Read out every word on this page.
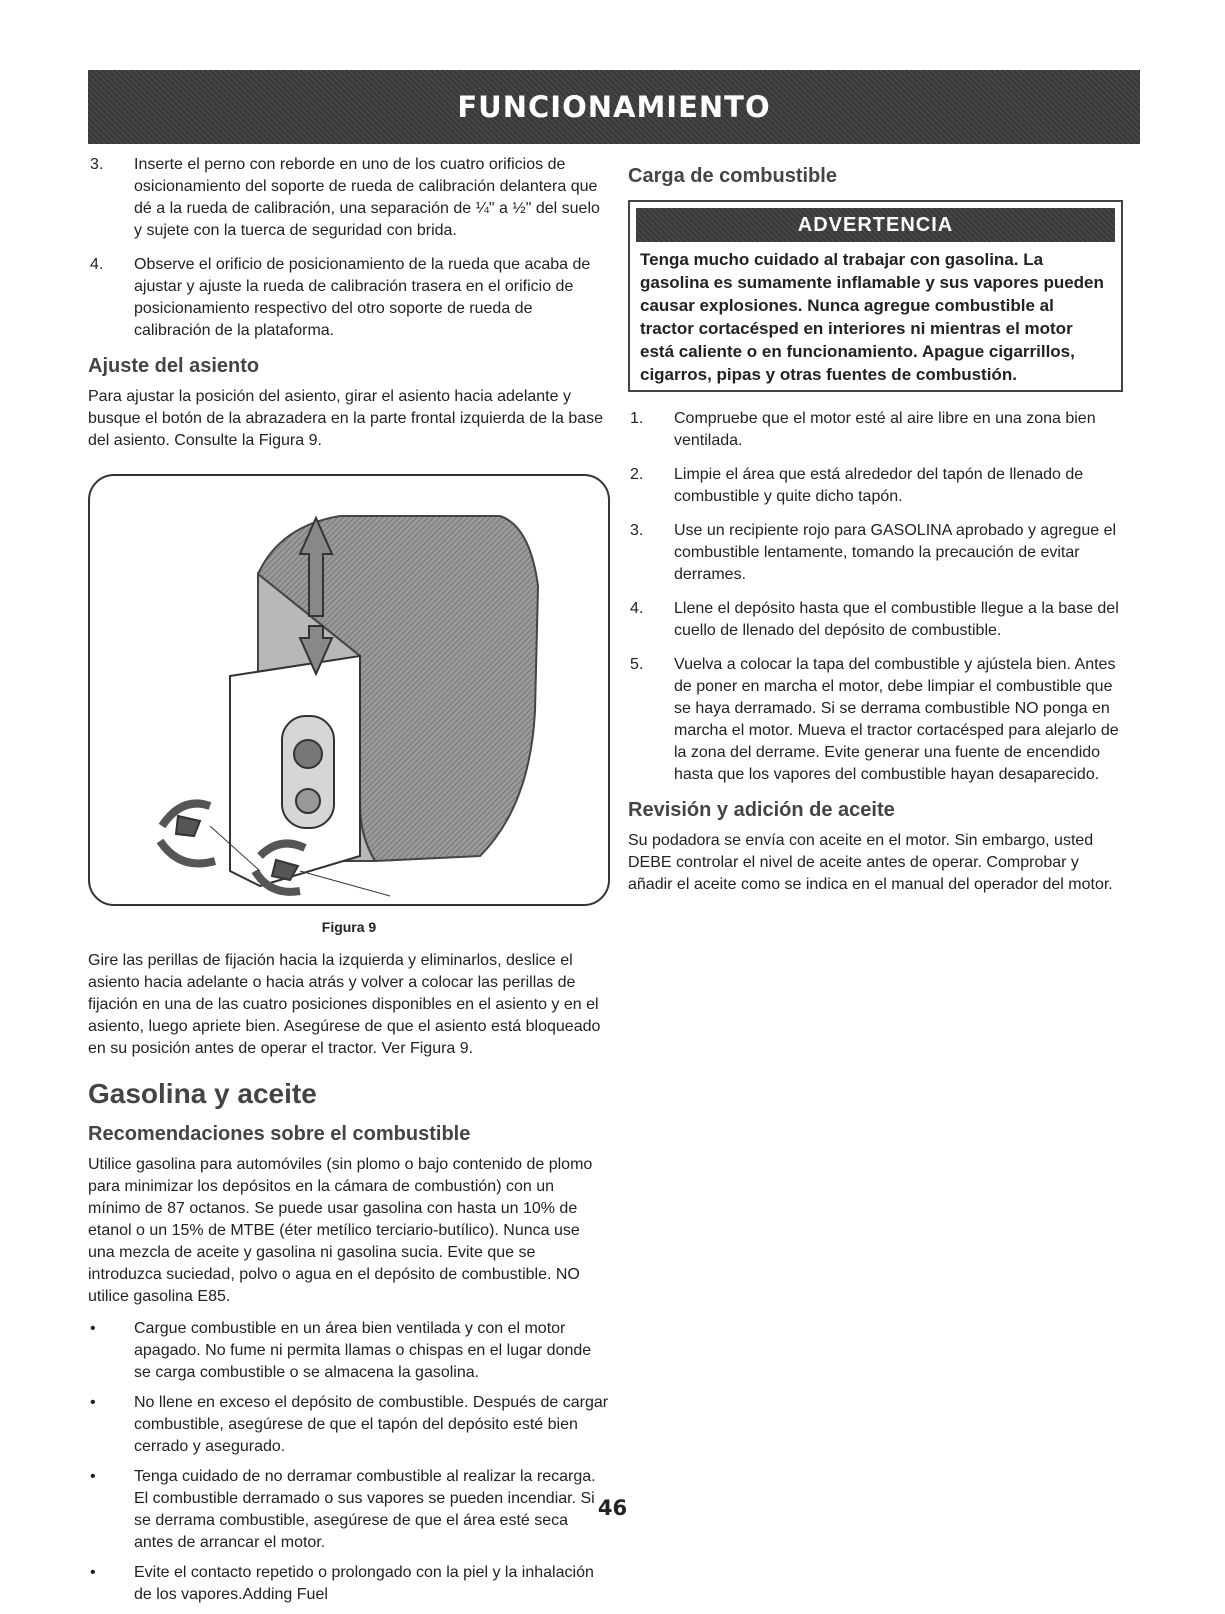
FUNCIONAMIENTO
3.	Inserte el perno con reborde en uno de los cuatro orificios de osicionamiento del soporte de rueda de calibración delantera que dé a la rueda de calibración, una separación de ¼" a ½" del suelo y sujete con la tuerca de seguridad con brida.
4.	Observe el orificio de posicionamiento de la rueda que acaba de ajustar y ajuste la rueda de calibración trasera en el orificio de posicionamiento respectivo del otro soporte de rueda de calibración de la plataforma.
Ajuste del asiento

Para ajustar la posición del asiento, girar el asiento hacia adelante y busque el botón de la abrazadera en la parte frontal izquierda de la base del asiento. Consulte la Figura 9.

Figura 9

Gire las perillas de fijación hacia la izquierda y eliminarlos, deslice el asiento hacia adelante o hacia atrás y volver a colocar las perillas de fijación en una de las cuatro posiciones disponibles en el asiento y en el asiento, luego apriete bien. Asegúrese de que el asiento está bloqueado en su posición antes de operar el tractor. Ver Figura 9.

Gasolina y aceite
Recomendaciones sobre el combustible

Utilice gasolina para automóviles (sin plomo o bajo contenido de plomo para minimizar los depósitos en la cámara de combustión) con un mínimo de 87 octanos. Se puede usar gasolina con hasta un 10% de etanol o un 15% de MTBE (éter metílico terciario-butílico). Nunca use una mezcla de aceite y gasolina ni gasolina sucia. Evite que se introduzca suciedad, polvo o agua en el depósito de combustible. NO utilice gasolina E85.

•	Cargue combustible en un área bien ventilada y con el motor apagado. No fume ni permita llamas o chispas en el lugar donde se carga combustible o se almacena la gasolina.
•	No llene en exceso el depósito de combustible. Después de cargar combustible, asegúrese de que el tapón del depósito esté bien cerrado y asegurado.
•	Tenga cuidado de no derramar combustible al realizar la recarga. El combustible derramado o sus vapores se pueden incendiar. Si se derrama combustible, asegúrese de que el área esté seca antes de arrancar el motor.
•	Evite el contacto repetido o prolongado con la piel y la inhalación de los vapores.Adding Fuel
Carga de combustible
ADVERTENCIA
Tenga mucho cuidado al trabajar con gasolina. La gasolina es sumamente inflamable y sus vapores pueden causar explosiones. Nunca agregue combustible al tractor cortacésped en interiores ni mientras el motor está caliente o en funcionamiento. Apague cigarrillos, cigarros, pipas y otras fuentes de combustión.
1.	Compruebe que el motor esté al aire libre en una zona bien ventilada.
2.	Limpie el área que está alrededor del tapón de llenado de combustible y quite dicho tapón.
3.	Use un recipiente rojo para GASOLINA aprobado y agregue el combustible lentamente, tomando la precaución de evitar derrames.
4.	Llene el depósito hasta que el combustible llegue a la base del cuello de llenado del depósito de combustible.
5.	Vuelva a colocar la tapa del combustible y ajústela bien. Antes de poner en marcha el motor, debe limpiar el combustible que se haya derramado. Si se derrama combustible NO ponga en marcha el motor. Mueva el tractor cortacésped para alejarlo de la zona del derrame. Evite generar una fuente de encendido hasta que los vapores del combustible hayan desaparecido.
Revisión y adición de aceite

Su podadora se envía con aceite en el motor. Sin embargo, usted DEBE controlar el nivel de aceite antes de operar. Comprobar y añadir el aceite como se indica en el manual del operador del motor.

46
